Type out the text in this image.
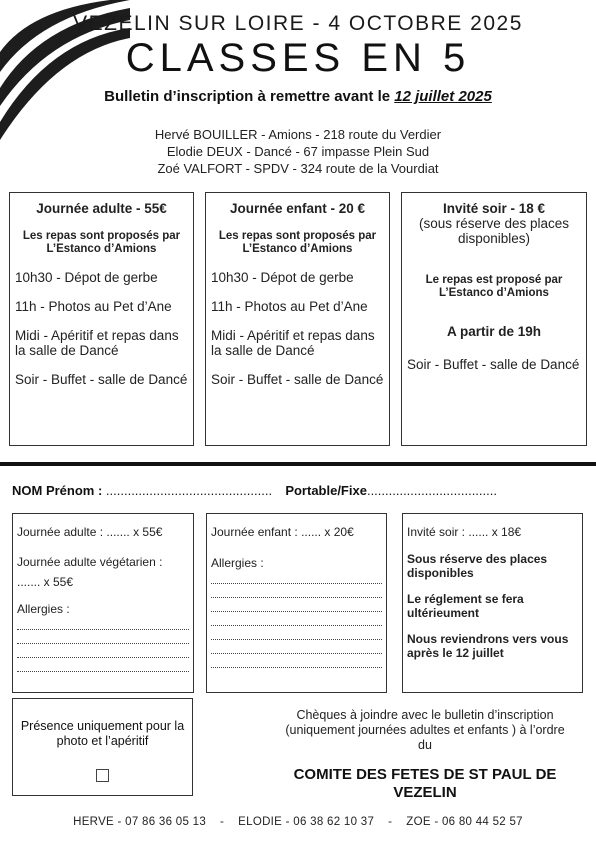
VEZELIN SUR LOIRE - 4 OCTOBRE 2025
CLASSES EN 5
Bulletin d’inscription à remettre avant le 12 juillet 2025
Hervé BOUILLER - Amions - 218 route du Verdier
Elodie DEUX - Dancé - 67 impasse Plein Sud
Zoé VALFORT - SPDV - 324 route de la Vourdiat
Journée adulte - 55€
Les repas sont proposés par L’Estanco d’Amions
10h30 - Dépot de gerbe
11h - Photos au Pet d’Ane
Midi - Apéritif et repas dans la salle de Dancé
Soir - Buffet - salle de Dancé
Journée enfant - 20 €
Les repas sont proposés par L’Estanco d’Amions
10h30 - Dépot de gerbe
11h - Photos au Pet d’Ane
Midi - Apéritif et repas dans la salle de Dancé
Soir - Buffet - salle de Dancé
Invité soir - 18 €
(sous réserve des places disponibles)
Le repas est proposé par L’Estanco d’Amions
A partir de 19h
Soir - Buffet - salle de Dancé
NOM Prénom : .............................................. Portable/Fixe....................................
Journée adulte : ....... x 55€
Journée adulte végétarien : ....... x 55€
Allergies :
Journée enfant : ...... x 20€
Allergies :
Invité soir : ...... x 18€
Sous réserve des places disponibles
Le réglement se fera ultérieument
Nous reviendrons vers vous après le 12 juillet
Présence uniquement pour la photo et l’apéritif
Chèques à joindre avec le bulletin d’inscription (uniquement journées adultes et enfants ) à l’ordre du
COMITE DES FETES DE ST PAUL DE VEZELIN
HERVE - 07 86 36 05 13    -    ELODIE - 06 38 62 10 37    -    ZOE - 06 80 44 52 57
